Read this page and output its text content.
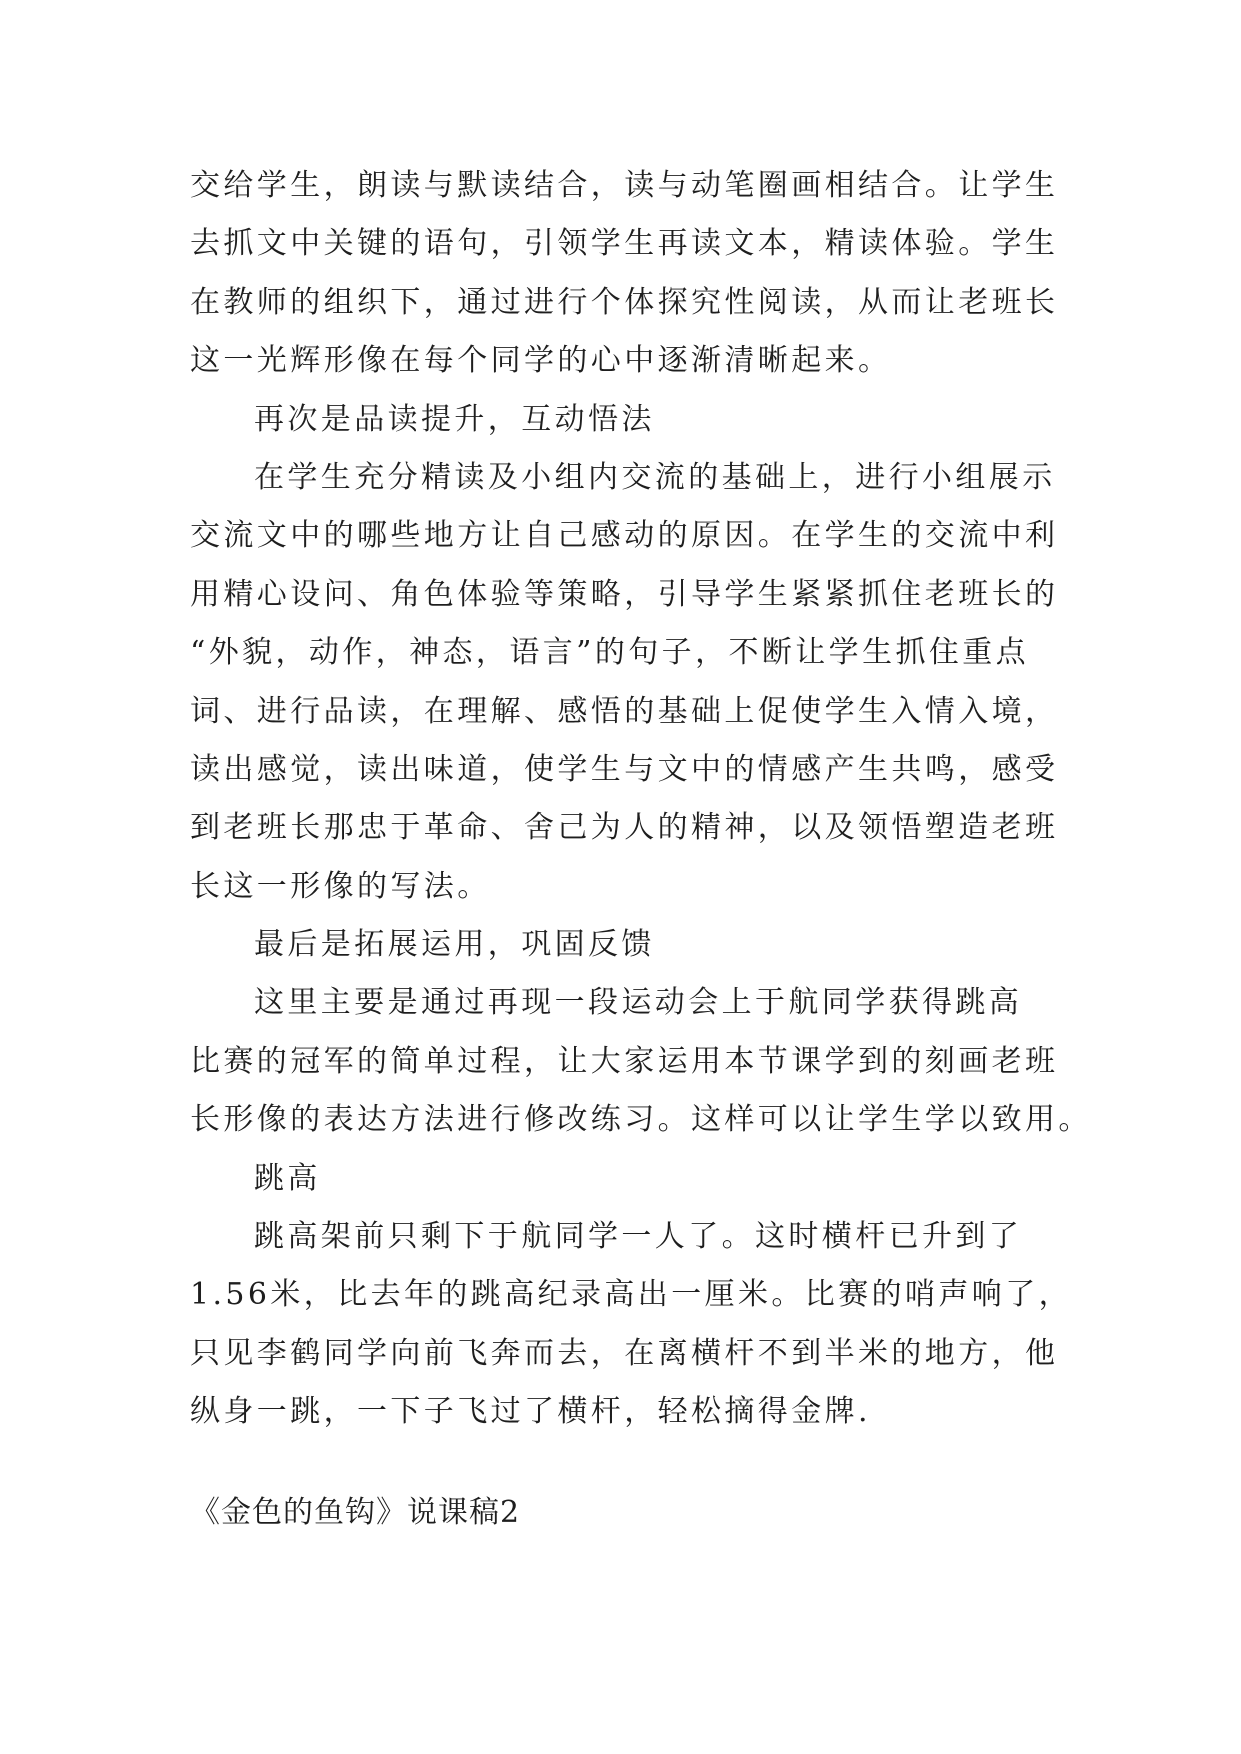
交给学生，朗读与默读结合，读与动笔圈画相结合。让学生
去抓文中关键的语句，引领学生再读文本，精读体验。学生
在教师的组织下，通过进行个体探究性阅读，从而让老班长
这一光辉形像在每个同学的心中逐渐清晰起来。
再次是品读提升，互动悟法
在学生充分精读及小组内交流的基础上，进行小组展示
交流文中的哪些地方让自己感动的原因。在学生的交流中利
用精心设问、角色体验等策略，引导学生紧紧抓住老班长的
“外貌，动作，神态，语言”的句子，不断让学生抓住重点
词、进行品读，在理解、感悟的基础上促使学生入情入境，
读出感觉，读出味道，使学生与文中的情感产生共鸣，感受
到老班长那忠于革命、舍己为人的精神，以及领悟塑造老班
长这一形像的写法。
最后是拓展运用，巩固反馈
这里主要是通过再现一段运动会上于航同学获得跳高
比赛的冠军的简单过程，让大家运用本节课学到的刻画老班
长形像的表达方法进行修改练习。这样可以让学生学以致用。
跳高
跳高架前只剩下于航同学一人了。这时横杆已升到了
1.56米，比去年的跳高纪录高出一厘米。比赛的哨声响了，
只见李鹤同学向前飞奔而去，在离横杆不到半米的地方，他
纵身一跳，一下子飞过了横杆，轻松摘得金牌.
《金色的鱼钩》说课稿2
